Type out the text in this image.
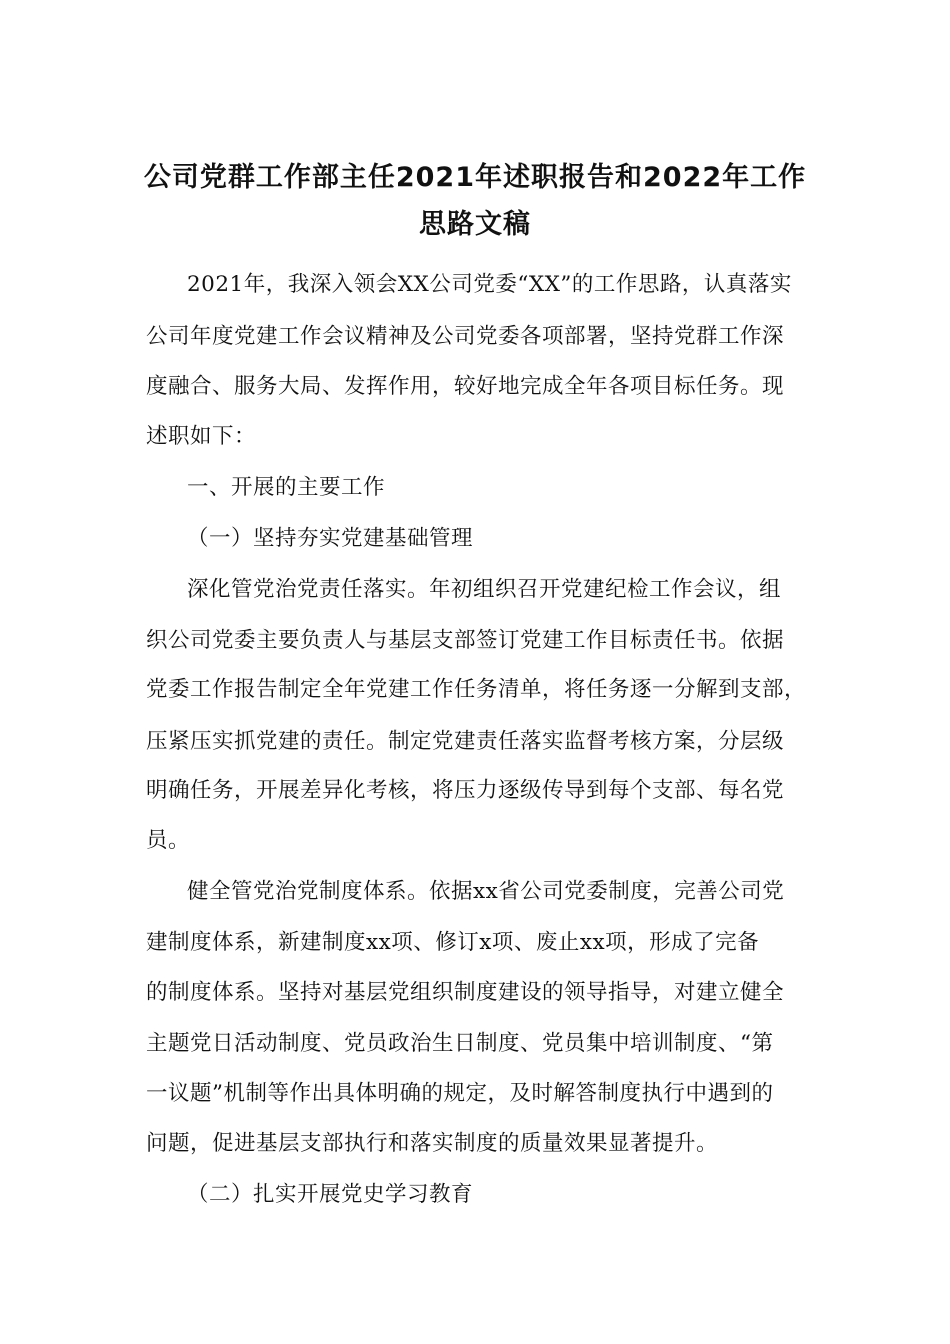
公司党群工作部主任2021年述职报告和2022年工作
思路文稿
2021年，我深入领会XX公司党委“XX”的工作思路，认真落实
公司年度党建工作会议精神及公司党委各项部署，坚持党群工作深
度融合、服务大局、发挥作用，较好地完成全年各项目标任务。现
述职如下：
一、开展的主要工作
（一）坚持夯实党建基础管理
深化管党治党责任落实。年初组织召开党建纪检工作会议，组
织公司党委主要负责人与基层支部签订党建工作目标责任书。依据
党委工作报告制定全年党建工作任务清单，将任务逐一分解到支部，
压紧压实抓党建的责任。制定党建责任落实监督考核方案，分层级
明确任务，开展差异化考核，将压力逐级传导到每个支部、每名党
员。
健全管党治党制度体系。依据xx省公司党委制度，完善公司党
建制度体系，新建制度xx项、修订x项、废止xx项，形成了完备
的制度体系。坚持对基层党组织制度建设的领导指导，对建立健全
主题党日活动制度、党员政治生日制度、党员集中培训制度、“第
一议题”机制等作出具体明确的规定，及时解答制度执行中遇到的
问题，促进基层支部执行和落实制度的质量效果显著提升。
（二）扎实开展党史学习教育
